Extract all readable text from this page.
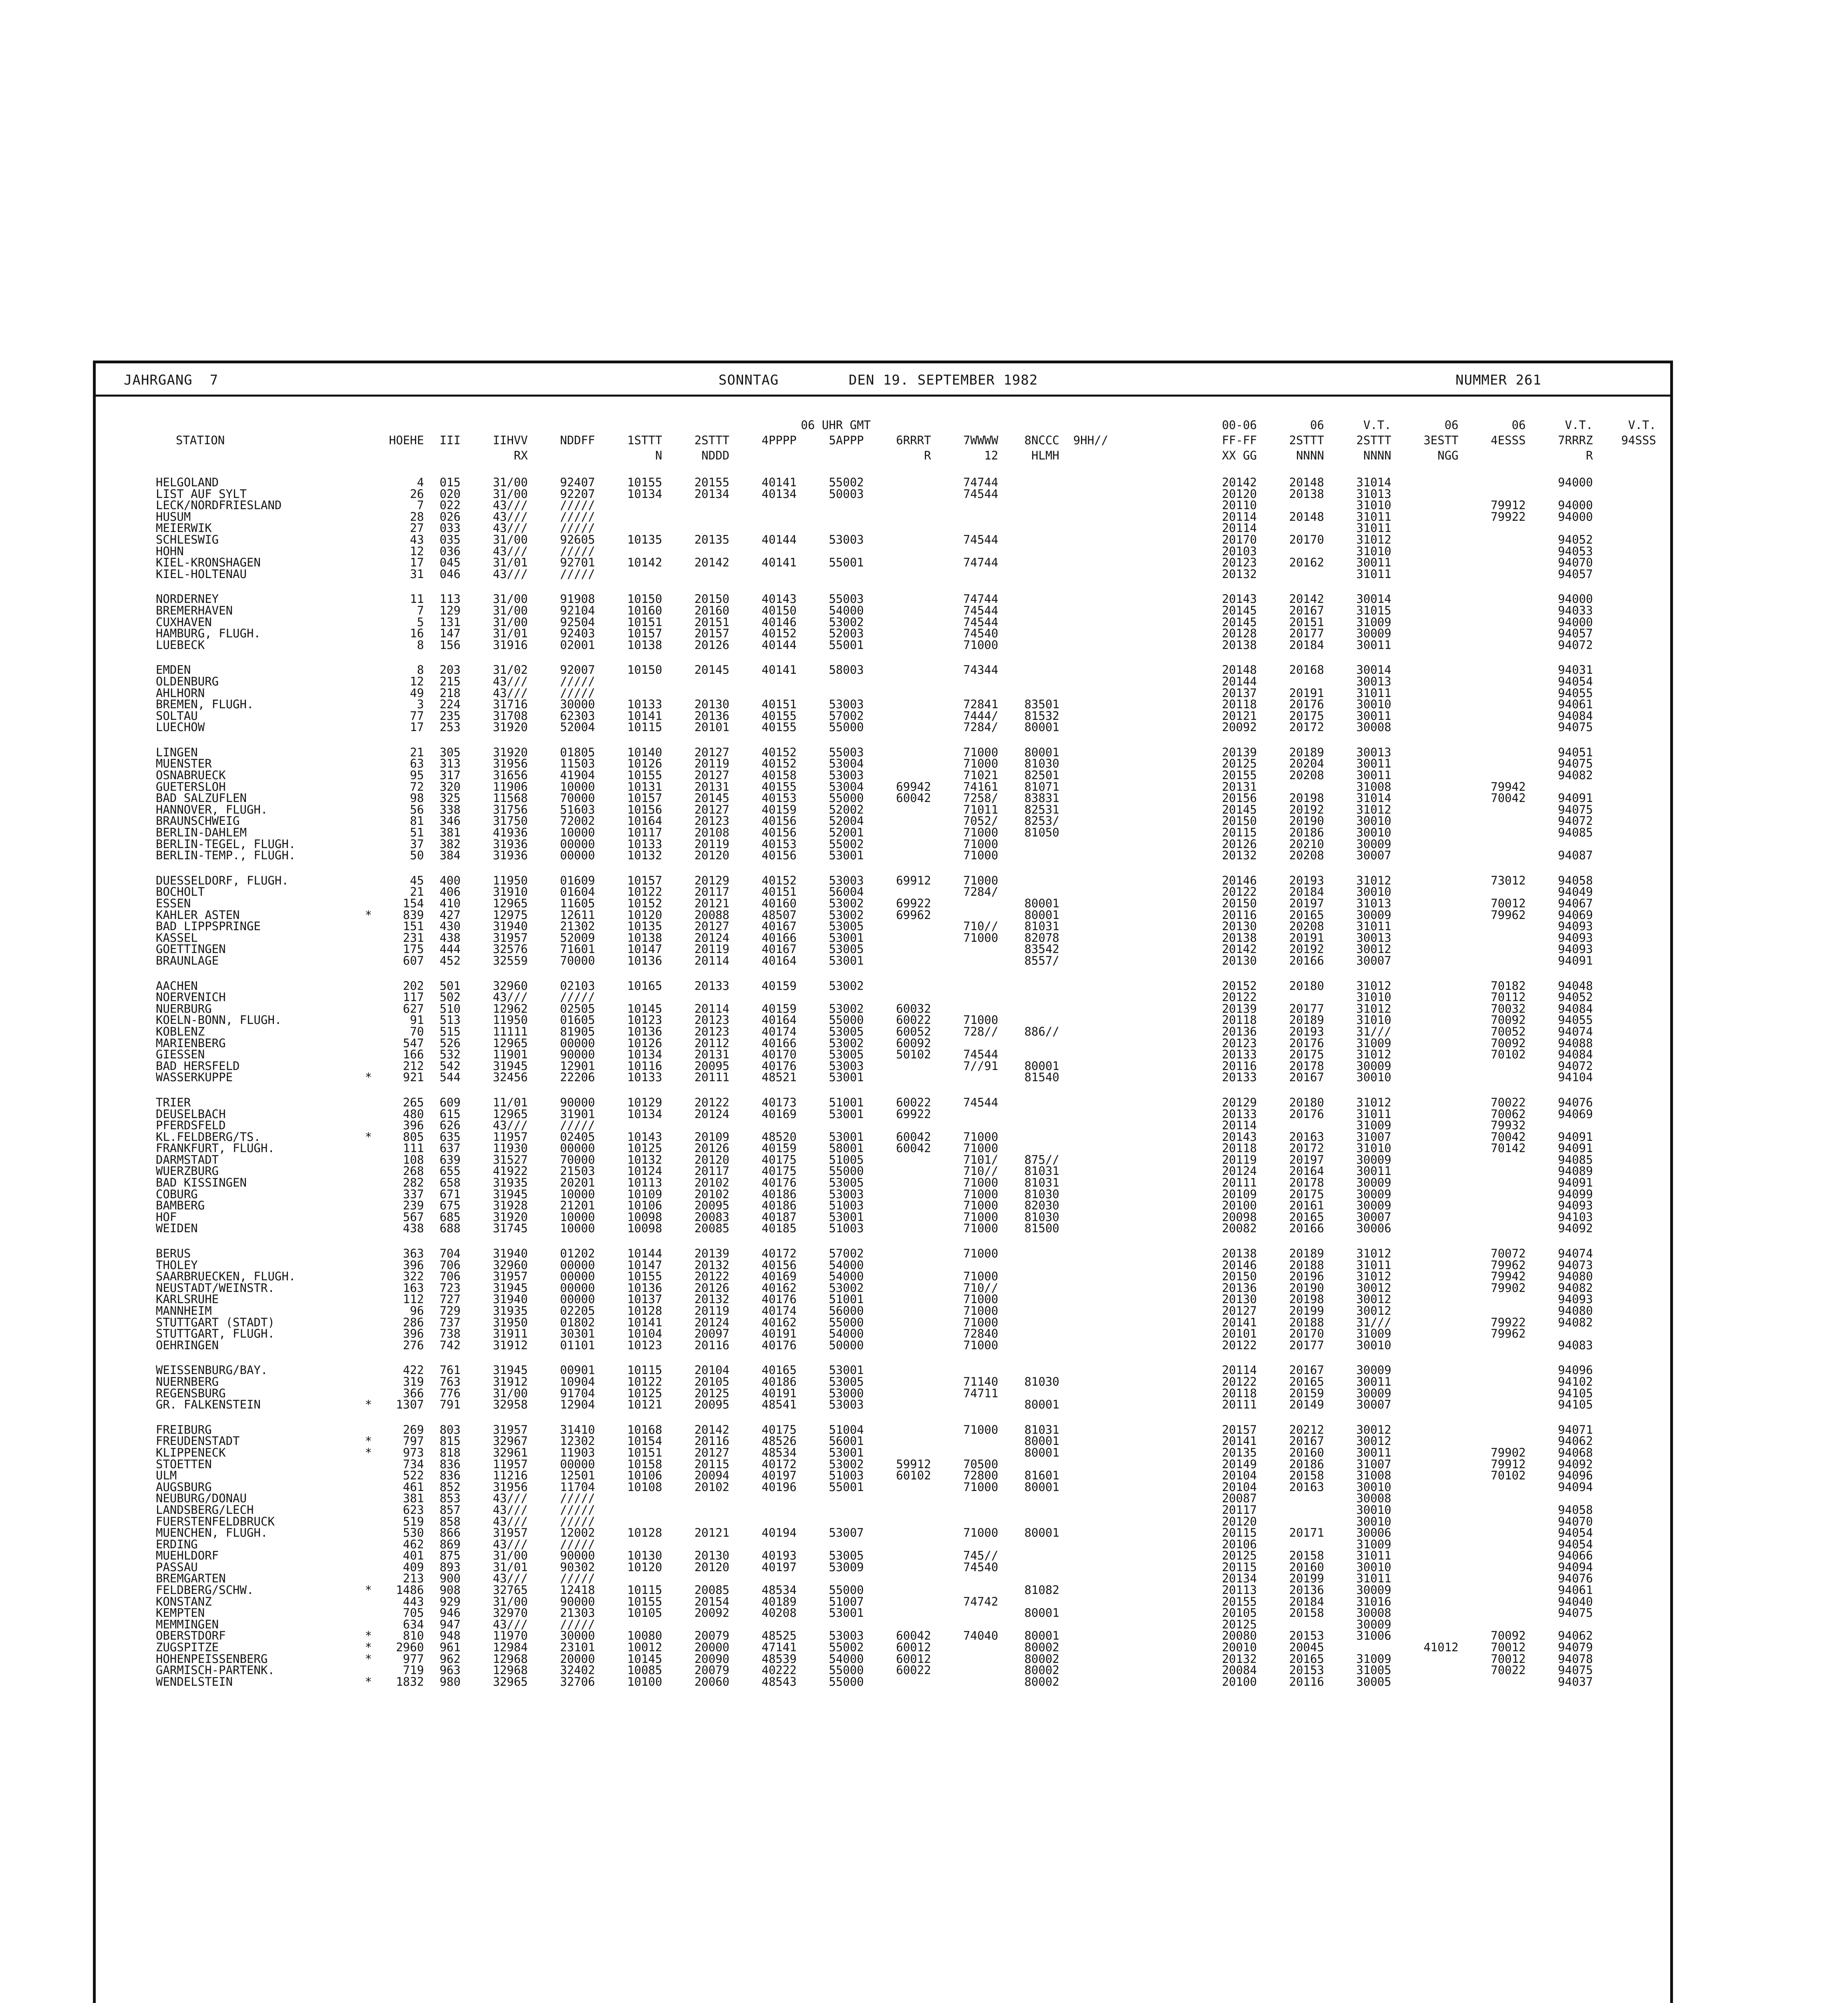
JAHRGANG  7	SONNTAG	DEN 19. SEPTEMBER 1982	NUMMER 261
								06 UHR GMT							00-06	06	V.T.	06	06	V.T.	V.T.
STATION		HOEHE	III	IIHVV	NDDFF	1STTT	2STTT	4PPPP	5APPP	6RRRT	7WWWW	8NCCC	9HH//		FF-FF	2STTT	2STTT	3ESTT	4ESSS	7RRRZ	94SSS
				RX		N	NDDD			R	12	HLMH			XX GG	NNNN	NNNN	NGG		R	

HELGOLAND		4	015	31/00	92407	10155	20155	40141	55002		74744				20142	20148	31014			94000	
LIST AUF SYLT		26	020	31/00	92207	10134	20134	40134	50003		74544				20120	20138	31013				
LECK/NORDFRIESLAND		7	022	43///	/////										20110		31010		79912	94000	
HUSUM		28	026	43///	/////										20114	20148	31011		79922	94000	
MEIERWIK		27	033	43///	/////										20114		31011				
SCHLESWIG		43	035	31/00	92605	10135	20135	40144	53003		74544				20170	20170	31012			94052	
HOHN		12	036	43///	/////										20103		31010			94053	
KIEL-KRONSHAGEN		17	045	31/01	92701	10142	20142	40141	55001		74744				20123	20162	30011			94070	
KIEL-HOLTENAU		31	046	43///	/////										20132		31011			94057	

NORDERNEY		11	113	31/00	91908	10150	20150	40143	55003		74744				20143	20142	30014			94000	
BREMERHAVEN		7	129	31/00	92104	10160	20160	40150	54000		74544				20145	20167	31015			94033	
CUXHAVEN		5	131	31/00	92504	10151	20151	40146	53002		74544				20145	20151	31009			94000	
HAMBURG, FLUGH.		16	147	31/01	92403	10157	20157	40152	52003		74540				20128	20177	30009			94057	
LUEBECK		8	156	31916	02001	10138	20126	40144	55001		71000				20138	20184	30011			94072	

EMDEN		8	203	31/02	92007	10150	20145	40141	58003		74344				20148	20168	30014			94031	
OLDENBURG		12	215	43///	/////										20144		30013			94054	
AHLHORN		49	218	43///	/////										20137	20191	31011			94055	
BREMEN, FLUGH.		3	224	31716	30000	10133	20130	40151	53003		72841	83501			20118	20176	30010			94061	
SOLTAU		77	235	31708	62303	10141	20136	40155	57002		7444/	81532			20121	20175	30011			94084	
LUECHOW		17	253	31920	52004	10115	20101	40155	55000		7284/	80001			20092	20172	30008			94075	

LINGEN		21	305	31920	01805	10140	20127	40152	55003		71000	80001			20139	20189	30013			94051	
MUENSTER		63	313	31956	11503	10126	20119	40152	53004		71000	81030			20125	20204	30011			94075	
OSNABRUECK		95	317	31656	41904	10155	20127	40158	53003		71021	82501			20155	20208	30011			94082	
GUETERSLOH		72	320	11906	10000	10131	20131	40155	53004	69942	74161	81071			20131		31008		79942		
BAD SALZUFLEN		98	325	11568	70000	10157	20145	40153	55000	60042	7258/	83831			20156	20198	31014		70042	94091	
HANNOVER, FLUGH.		56	338	31756	51603	10156	20127	40159	52002		71011	82531			20145	20192	31012			94075	
BRAUNSCHWEIG		81	346	31750	72002	10164	20123	40156	52004		7052/	8253/			20150	20190	30010			94072	
BERLIN-DAHLEM		51	381	41936	10000	10117	20108	40156	52001		71000	81050			20115	20186	30010			94085	
BERLIN-TEGEL, FLUGH.		37	382	31936	00000	10133	20119	40153	55002		71000				20126	20210	30009				
BERLIN-TEMP., FLUGH.		50	384	31936	00000	10132	20120	40156	53001		71000				20132	20208	30007			94087	

DUESSELDORF, FLUGH.		45	400	11950	01609	10157	20129	40152	53003	69912	71000				20146	20193	31012		73012	94058	
BOCHOLT		21	406	31910	01604	10122	20117	40151	56004		7284/				20122	20184	30010			94049	
ESSEN		154	410	12965	11605	10152	20121	40160	53002	69922		80001			20150	20197	31013		70012	94067	
KAHLER ASTEN	*	839	427	12975	12611	10120	20088	48507	53002	69962		80001			20116	20165	30009		79962	94069	
BAD LIPPSPRINGE		151	430	31940	21302	10135	20127	40167	53005		710//	81031			20130	20208	31011			94093	
KASSEL		231	438	31957	52009	10138	20124	40166	53001		71000	82078			20138	20191	30013			94093	
GOETTINGEN		175	444	32576	71601	10147	20119	40167	53005			83542			20142	20192	30012			94093	
BRAUNLAGE		607	452	32559	70000	10136	20114	40164	53001			8557/			20130	20166	30007			94091	

AACHEN		202	501	32960	02103	10165	20133	40159	53002						20152	20180	31012		70182	94048	
NOERVENICH		117	502	43///	/////										20122		31010		70112	94052	
NUERBURG		627	510	12962	02505	10145	20114	40159	53002	60032					20139	20177	31012		70032	94084	
KOELN-BONN, FLUGH.		91	513	11950	01605	10123	20123	40164	55000	60022	71000				20118	20189	31010		70092	94055	
KOBLENZ		70	515	11111	81905	10136	20123	40174	53005	60052	728//	886//			20136	20193	31///		70052	94074	
MARIENBERG		547	526	12965	00000	10126	20112	40166	53002	60092					20123	20176	31009		70092	94088	
GIESSEN		166	532	11901	90000	10134	20131	40170	53005	50102	74544				20133	20175	31012		70102	94084	
BAD HERSFELD		212	542	31945	12901	10116	20095	40176	53003		7//91	80001			20116	20178	30009			94072	
WASSERKUPPE	*	921	544	32456	22206	10133	20111	48521	53001			81540			20133	20167	30010			94104	

TRIER		265	609	11/01	90000	10129	20122	40173	51001	60022	74544				20129	20180	31012		70022	94076	
DEUSELBACH		480	615	12965	31901	10134	20124	40169	53001	69922					20133	20176	31011		70062	94069	
PFERDSFELD		396	626	43///	/////										20114		31009		79932		
KL.FELDBERG/TS.	*	805	635	11957	02405	10143	20109	48520	53001	60042	71000				20143	20163	31007		70042	94091	
FRANKFURT, FLUGH.		111	637	11930	00000	10125	20126	40159	58001	60042	71000				20118	20172	31010		70142	94091	
DARMSTADT		108	639	31527	70000	10132	20120	40175	51005		7101/	875//			20119	20197	30009			94085	
WUERZBURG		268	655	41922	21503	10124	20117	40175	55000		710//	81031			20124	20164	30011			94089	
BAD KISSINGEN		282	658	31935	20201	10113	20102	40176	53005		71000	81031			20111	20178	30009			94091	
COBURG		337	671	31945	10000	10109	20102	40186	53003		71000	81030			20109	20175	30009			94099	
BAMBERG		239	675	31928	21201	10106	20095	40186	51003		71000	82030			20100	20161	30009			94093	
HOF		567	685	31920	10000	10098	20083	40187	53001		71000	81030			20098	20165	30007			94103	
WEIDEN		438	688	31745	10000	10098	20085	40185	51003		71000	81500			20082	20166	30006			94092	

BERUS		363	704	31940	01202	10144	20139	40172	57002		71000				20138	20189	31012		70072	94074	
THOLEY		396	706	32960	00000	10147	20132	40156	54000						20146	20188	31011		79962	94073	
SAARBRUECKEN, FLUGH.		322	706	31957	00000	10155	20122	40169	54000		71000				20150	20196	31012		79942	94080	
NEUSTADT/WEINSTR.		163	723	31945	00000	10136	20126	40162	53002		710//				20136	20190	30012		79902	94082	
KARLSRUHE		112	727	31940	00000	10137	20132	40176	51001		71000				20130	20198	30012			94093	
MANNHEIM		96	729	31935	02205	10128	20119	40174	56000		71000				20127	20199	30012			94080	
STUTTGART (STADT)		286	737	31950	01802	10141	20124	40162	55000		71000				20141	20188	31///		79922	94082	
STUTTGART, FLUGH.		396	738	31911	30301	10104	20097	40191	54000		72840				20101	20170	31009		79962		
OEHRINGEN		276	742	31912	01101	10123	20116	40176	50000		71000				20122	20177	30010			94083	

WEISSENBURG/BAY.		422	761	31945	00901	10115	20104	40165	53001						20114	20167	30009			94096	
NUERNBERG		319	763	31912	10904	10122	20105	40186	53005		71140	81030			20122	20165	30011			94102	
REGENSBURG		366	776	31/00	91704	10125	20125	40191	53000		74711				20118	20159	30009			94105	
GR. FALKENSTEIN	*	1307	791	32958	12904	10121	20095	48541	53003			80001			20111	20149	30007			94105	

FREIBURG		269	803	31957	31410	10168	20142	40175	51004		71000	81031			20157	20212	30012			94071	
FREUDENSTADT	*	797	815	32967	12302	10154	20116	48526	56001			80001			20141	20167	30012			94062	
KLIPPENECK	*	973	818	32961	11903	10151	20127	48534	53001			80001			20135	20160	30011		79902	94068	
STOETTEN		734	836	11957	00000	10158	20115	40172	53002	59912	70500				20149	20186	31007		79912	94092	
ULM		522	836	11216	12501	10106	20094	40197	51003	60102	72800	81601			20104	20158	31008		70102	94096	
AUGSBURG		461	852	31956	11704	10108	20102	40196	55001		71000	80001			20104	20163	30010			94094	
NEUBURG/DONAU		381	853	43///	/////										20087		30008				
LANDSBERG/LECH		623	857	43///	/////										20117		30010			94058	
FUERSTENFELDBRUCK		519	858	43///	/////										20120		30010			94070	
MUENCHEN, FLUGH.		530	866	31957	12002	10128	20121	40194	53007		71000	80001			20115	20171	30006			94054	
ERDING		462	869	43///	/////										20106		31009			94054	
MUEHLDORF		401	875	31/00	90000	10130	20130	40193	53005		745//				20125	20158	31011			94066	
PASSAU		409	893	31/01	90302	10120	20120	40197	53009		74540				20115	20160	30010			94094	
BREMGARTEN		213	900	43///	/////										20134	20199	31011			94076	
FELDBERG/SCHW.	*	1486	908	32765	12418	10115	20085	48534	55000			81082			20113	20136	30009			94061	
KONSTANZ		443	929	31/00	90000	10155	20154	40189	51007		74742				20155	20184	31016			94040	
KEMPTEN		705	946	32970	21303	10105	20092	40208	53001			80001			20105	20158	30008			94075	
MEMMINGEN		634	947	43///	/////										20125		30009				
OBERSTDORF	*	810	948	11970	30000	10080	20079	48525	53003	60042	74040	80001			20080	20153	31006		70092	94062	
ZUGSPITZE	*	2960	961	12984	23101	10012	20000	47141	55002	60012		80002			20010	20045		41012	70012	94079	
HOHENPEISSENBERG	*	977	962	12968	20000	10145	20090	48539	54000	60012		80002			20132	20165	31009		70012	94078	
GARMISCH-PARTENK.		719	963	12968	32402	10085	20079	40222	55000	60022		80002			20084	20153	31005		70022	94075	
WENDELSTEIN	*	1832	980	32965	32706	10100	20060	48543	55000			80002			20100	20116	30005			94037	
